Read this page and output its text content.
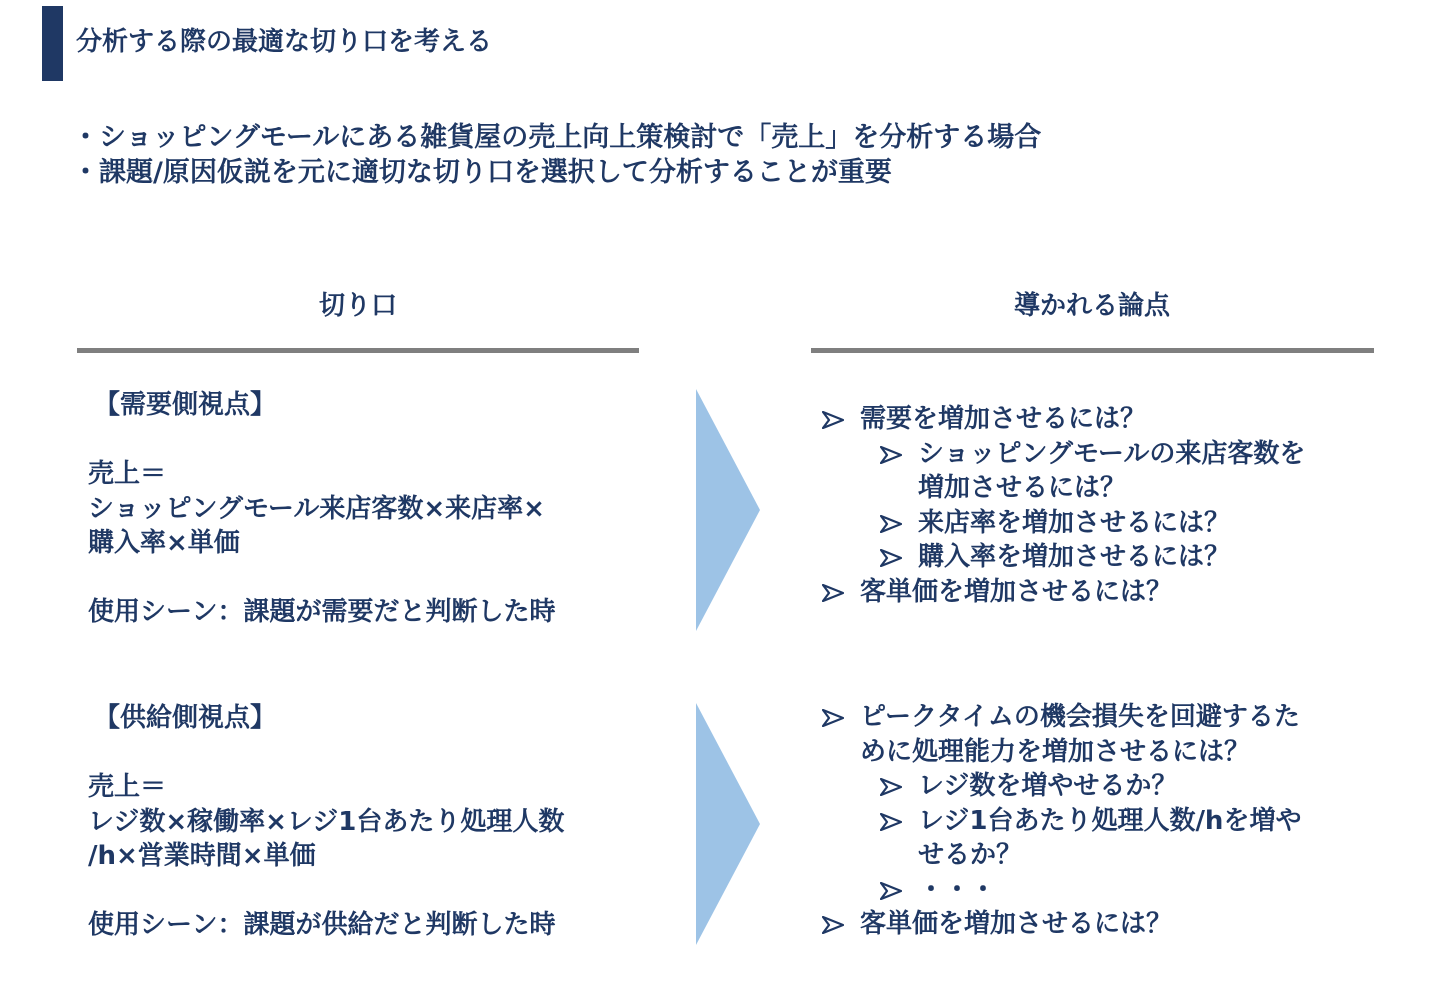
分析する際の最適な切り口を考える
・ショッピングモールにある雑貨屋の売上向上策検討で「売上」を分析する場合
・課題/原因仮説を元に適切な切り口を選択して分析することが重要
切り口	導かれる論点
【需要側視点】
売上＝
ショッピングモール来店客数×来店率×
購入率×単価
使用シーン：課題が需要だと判断した時
需要を増加させるには？
ショッピングモールの来店客数を
増加させるには？
来店率を増加させるには？
購入率を増加させるには？
客単価を増加させるには？
【供給側視点】
売上＝
レジ数×稼働率×レジ1台あたり処理人数
/h×営業時間×単価
使用シーン：課題が供給だと判断した時
ピークタイムの機会損失を回避するた
めに処理能力を増加させるには？
レジ数を増やせるか？
レジ1台あたり処理人数/hを増や
せるか？
・・・
客単価を増加させるには？
